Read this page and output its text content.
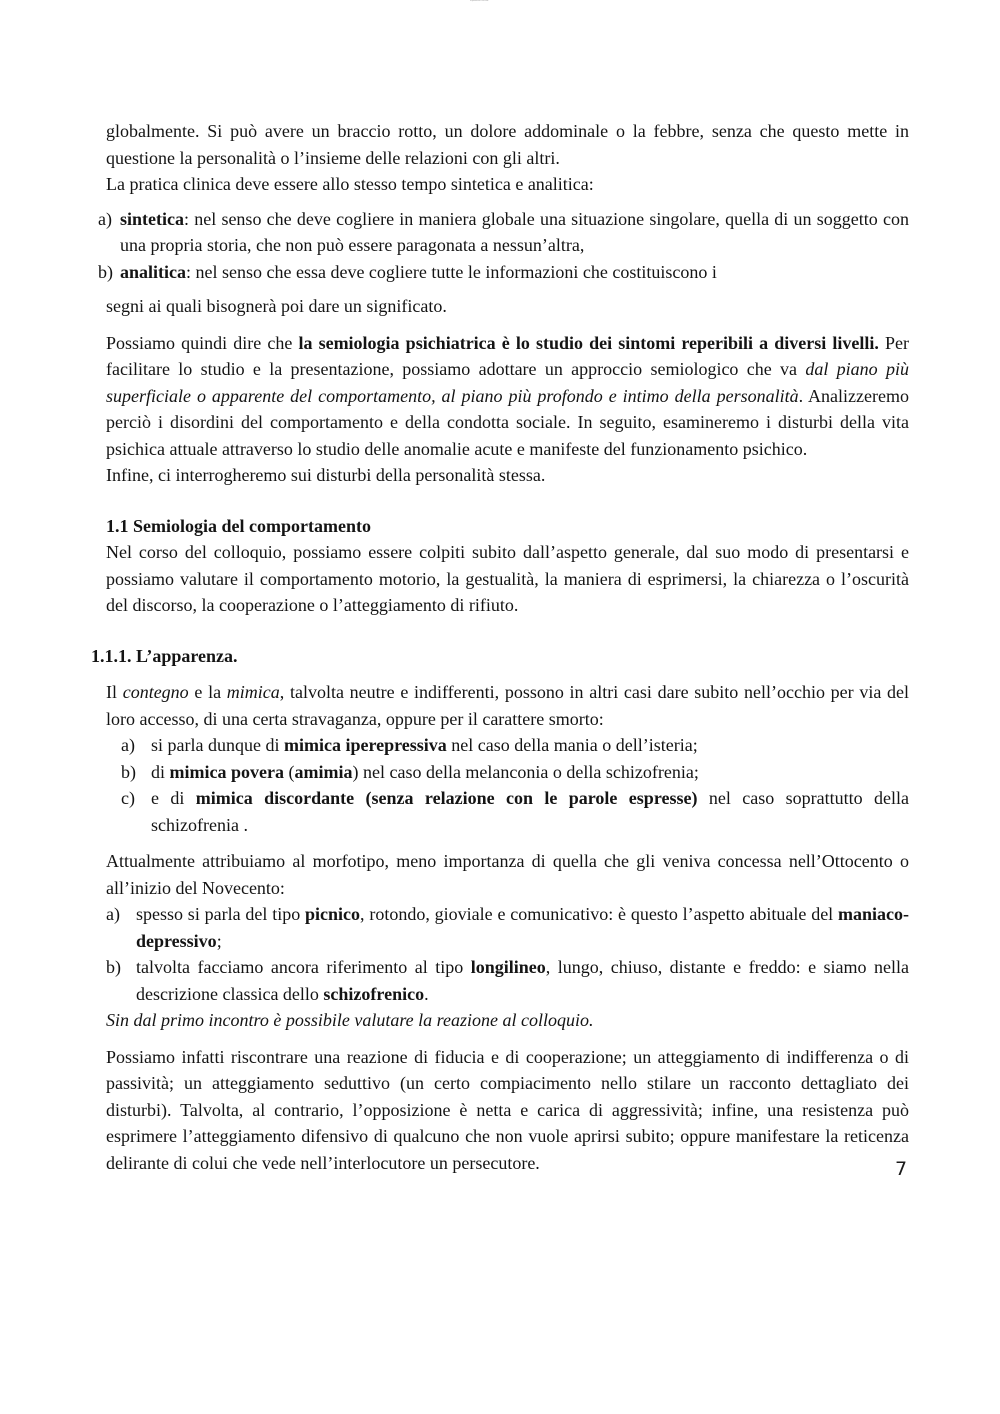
Riproduzione riservata

globalmente. Si può avere un braccio rotto, un dolore addominale o la febbre, senza che questo mette in questione la personalità o l’insieme delle relazioni con gli altri.

La pratica clinica deve essere allo stesso tempo sintetica e analitica:

a) sintetica: nel senso che deve cogliere in maniera globale una situazione singolare, quella di un soggetto con una propria storia, che non può essere paragonata a nessun’altra,
b) analitica: nel senso che essa deve cogliere tutte le informazioni che costituiscono i

segni ai quali bisognerà poi dare un significato.

Possiamo quindi dire che la semiologia psichiatrica è lo studio dei sintomi reperibili a diversi livelli. Per facilitare lo studio e la presentazione, possiamo adottare un approccio semiologico che va dal piano più superficiale o apparente del comportamento, al piano più profondo e intimo della personalità. Analizzeremo perciò i disordini del comportamento e della condotta sociale. In seguito, esamineremo i disturbi della vita psichica attuale attraverso lo studio delle anomalie acute e manifeste del funzionamento psichico.

Infine, ci interrogheremo sui disturbi della personalità stessa.

1.1 Semiologia del comportamento

Nel corso del colloquio, possiamo essere colpiti subito dall’aspetto generale, dal suo modo di presentarsi e possiamo valutare il comportamento motorio, la gestualità, la maniera di esprimersi, la chiarezza o l’oscurità del discorso, la cooperazione o l’atteggiamento di rifiuto.

1.1.1. L’apparenza.

Il contegno e la mimica, talvolta neutre e indifferenti, possono in altri casi dare subito nell’occhio per via del loro accesso, di una certa stravaganza, oppure per il carattere smorto:

a) si parla dunque di mimica iperepressiva nel caso della mania o dell’isteria;
b) di mimica povera (amimia) nel caso della melanconia o della schizofrenia;
c) e di mimica discordante (senza relazione con le parole espresse) nel caso soprattutto della schizofrenia .

Attualmente attribuiamo al morfotipo, meno importanza di quella che gli veniva concessa nell’Ottocento o all’inizio del Novecento:

a) spesso si parla del tipo picnico, rotondo, gioviale e comunicativo: è questo l’aspetto abituale del maniaco-depressivo;
b) talvolta facciamo ancora riferimento al tipo longilineo, lungo, chiuso, distante e freddo: e siamo nella descrizione classica dello schizofrenico.

Sin dal primo incontro è possibile valutare la reazione al colloquio.

Possiamo infatti riscontrare una reazione di fiducia e di cooperazione; un atteggiamento di indifferenza o di passività; un atteggiamento seduttivo (un certo compiacimento nello stilare un racconto dettagliato dei disturbi). Talvolta, al contrario, l’opposizione è netta e carica di aggressività; infine, una resistenza può esprimere l’atteggiamento difensivo di qualcuno che non vuole aprirsi subito; oppure manifestare la reticenza delirante di colui che vede nell’interlocutore un persecutore.	7
